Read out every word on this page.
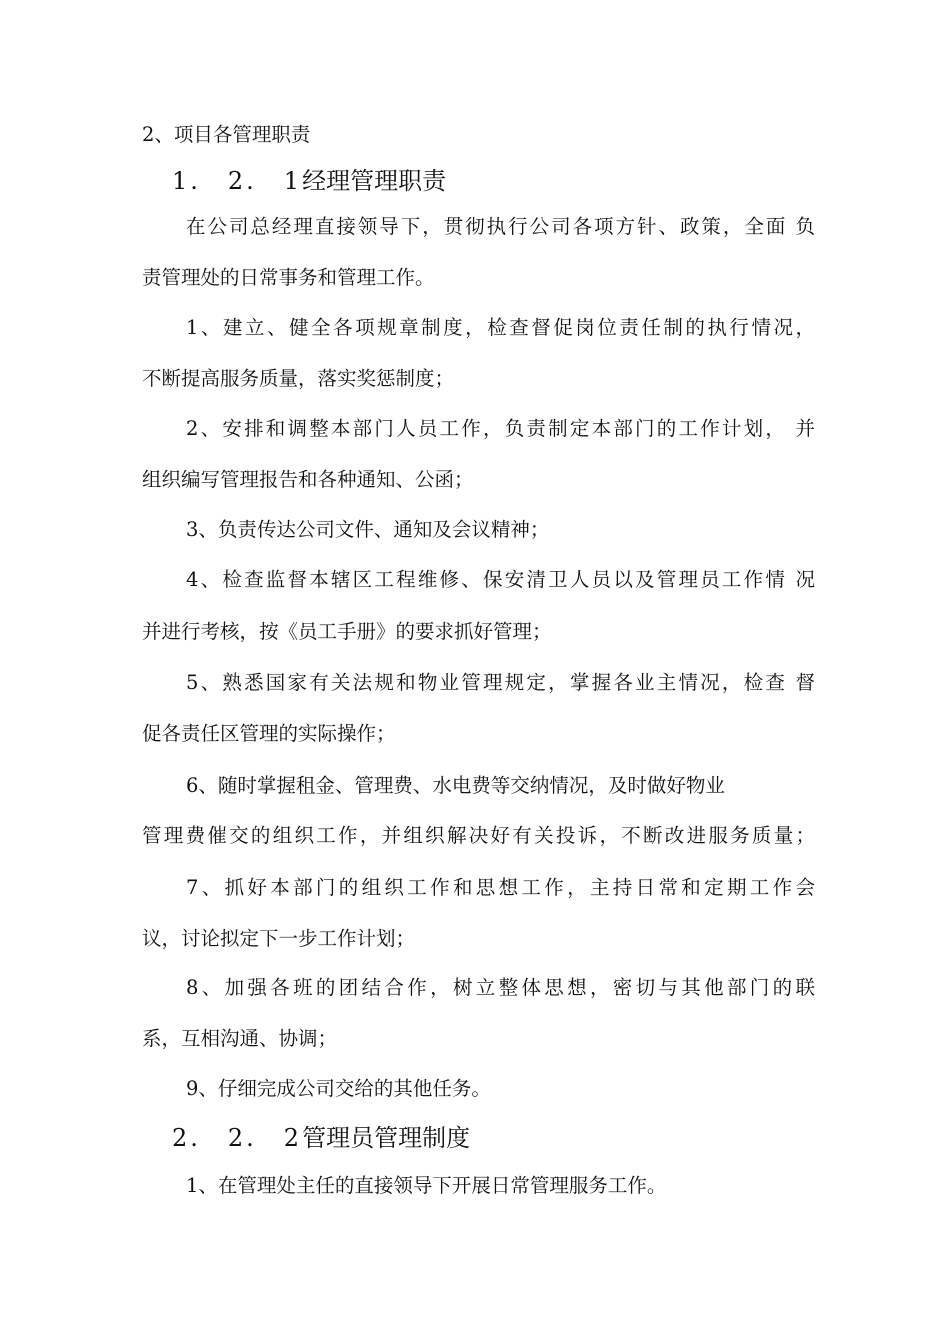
2、项目各管理职责
1.　2.　1经理管理职责
在公司总经理直接领导下，贯彻执行公司各项方针、政策，全面 负
责管理处的日常事务和管理工作。
1、建立、健全各项规章制度，检查督促岗位责任制的执行情况，
不断提高服务质量，落实奖惩制度；
2、安排和调整本部门人员工作，负责制定本部门的工作计划， 并
组织编写管理报告和各种通知、公函；
3、负责传达公司文件、通知及会议精神；
4、检查监督本辖区工程维修、保安清卫人员以及管理员工作情 况
并进行考核，按《员工手册》的要求抓好管理；
5、熟悉国家有关法规和物业管理规定，掌握各业主情况，检查 督
促各责任区管理的实际操作；
6、随时掌握租金、管理费、水电费等交纳情况，及时做好物业
管理费催交的组织工作，并组织解决好有关投诉，不断改进服务质量；
7、抓好本部门的组织工作和思想工作，主持日常和定期工作会
议，讨论拟定下一步工作计划；
8、加强各班的团结合作，树立整体思想，密切与其他部门的联
系，互相沟通、协调；
9、仔细完成公司交给的其他任务。
2.　2.　2管理员管理制度
1、在管理处主任的直接领导下开展日常管理服务工作。
